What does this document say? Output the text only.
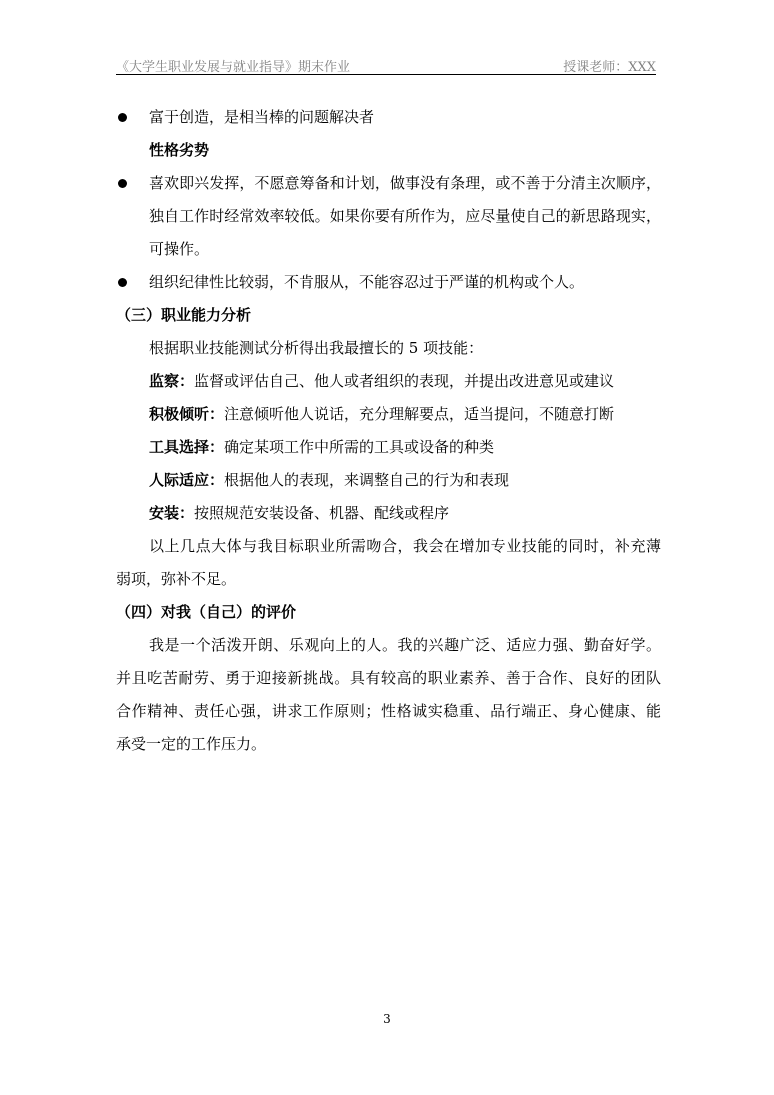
《大学生职业发展与就业指导》期末作业	授课老师：XXX
富于创造，是相当棒的问题解决者
性格劣势
喜欢即兴发挥，不愿意筹备和计划，做事没有条理，或不善于分清主次顺序，
独自工作时经常效率较低。如果你要有所作为，应尽量使自己的新思路现实，
可操作。
组织纪律性比较弱，不肯服从，不能容忍过于严谨的机构或个人。
（三）职业能力分析
根据职业技能测试分析得出我最擅长的 5 项技能：
监察：监督或评估自己、他人或者组织的表现，并提出改进意见或建议
积极倾听：注意倾听他人说话，充分理解要点，适当提问，不随意打断
工具选择：确定某项工作中所需的工具或设备的种类
人际适应：根据他人的表现，来调整自己的行为和表现
安装：按照规范安装设备、机器、配线或程序
以上几点大体与我目标职业所需吻合，我会在增加专业技能的同时，补充薄
弱项，弥补不足。
（四）对我（自己）的评价
我是一个活泼开朗、乐观向上的人。我的兴趣广泛、适应力强、勤奋好学。
并且吃苦耐劳、勇于迎接新挑战。具有较高的职业素养、善于合作、良好的团队
合作精神、责任心强，讲求工作原则；性格诚实稳重、品行端正、身心健康、能
承受一定的工作压力。
3
